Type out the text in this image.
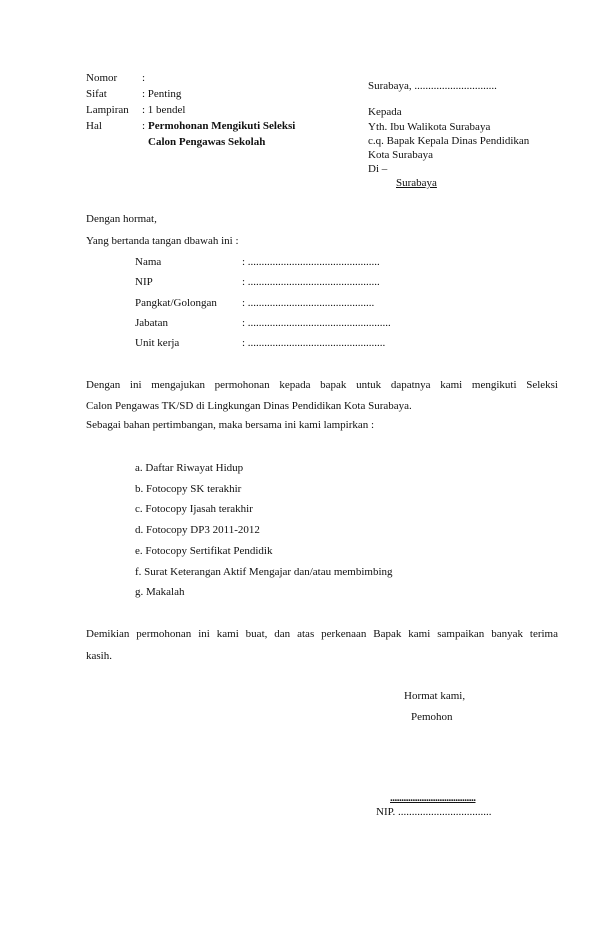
Nomor :
Sifat	: Penting
Lampiran : 1 bendel
Hal	: Permohonan Mengikuti Seleksi
Calon Pengawas Sekolah
Surabaya, ..............................
Kepada
Yth. Ibu Walikota Surabaya
c.q. Bapak Kepala Dinas Pendidikan
Kota Surabaya
Di –
Surabaya
Dengan hormat,
Yang bertanda tangan dbawah ini :
Nama	: ................................................
NIP	: ................................................
Pangkat/Golongan : ..............................................
Jabatan	: ....................................................
Unit kerja	: ..................................................
Dengan ini mengajukan permohonan kepada bapak untuk dapatnya kami mengikuti Seleksi
Calon Pengawas TK/SD di Lingkungan Dinas Pendidikan Kota Surabaya.
Sebagai bahan pertimbangan, maka bersama ini kami lampirkan :
a. Daftar Riwayat Hidup
b. Fotocopy SK terakhir
c. Fotocopy Ijasah terakhir
d. Fotocopy DP3 2011-2012
e. Fotocopy Sertifikat Pendidik
f. Surat Keterangan Aktif Mengajar dan/atau membimbing
g. Makalah
Demikian permohonan ini kami buat, dan atas perkenaan Bapak kami sampaikan banyak terima
kasih.
Hormat kami,
Pemohon
......................................
NIP. ..................................
